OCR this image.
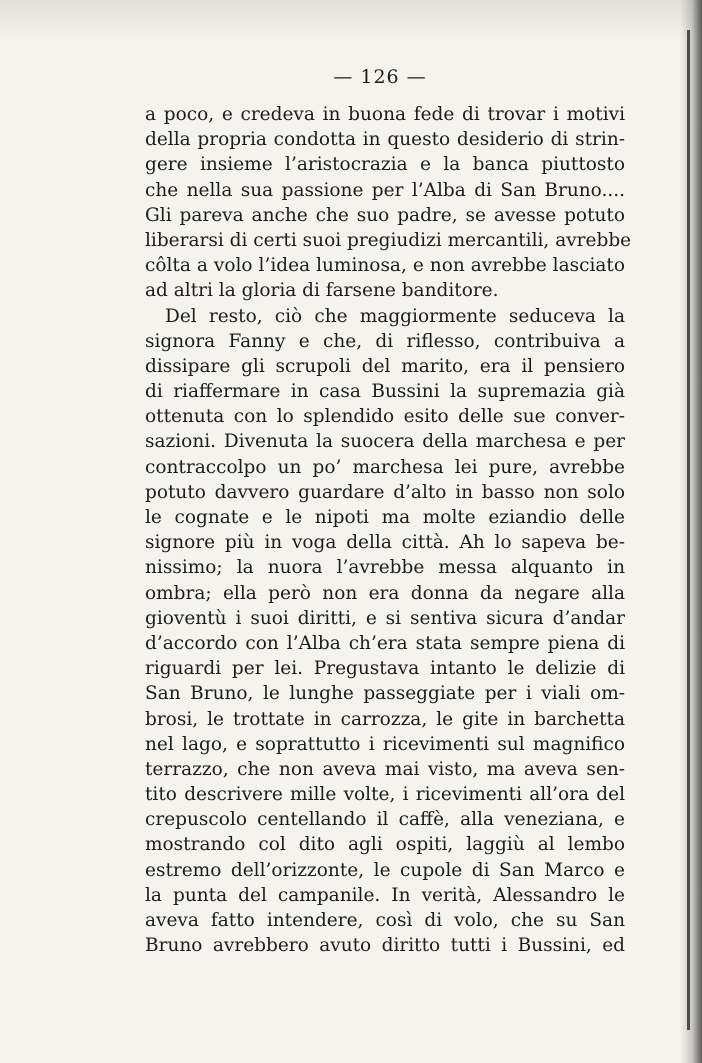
— 126 —
a poco, e credeva in buona fede di trovar i motivi
della propria condotta in questo desiderio di strin-
gere insieme l’aristocrazia e la banca piuttosto
che nella sua passione per l’Alba di San Bruno....
Gli pareva anche che suo padre, se avesse potuto
liberarsi di certi suoi pregiudizi mercantili, avrebbe
côlta a volo l’idea luminosa, e non avrebbe lasciato
ad altri la gloria di farsene banditore.
Del resto, ciò che maggiormente seduceva la
signora Fanny e che, di riflesso, contribuiva a
dissipare gli scrupoli del marito, era il pensiero
di riaffermare in casa Bussini la supremazia già
ottenuta con lo splendido esito delle sue conver-
sazioni. Divenuta la suocera della marchesa e per
contraccolpo un po’ marchesa lei pure, avrebbe
potuto davvero guardare d’alto in basso non solo
le cognate e le nipoti ma molte eziandio delle
signore più in voga della città. Ah lo sapeva be-
nissimo; la nuora l’avrebbe messa alquanto in
ombra; ella però non era donna da negare alla
gioventù i suoi diritti, e si sentiva sicura d’andar
d’accordo con l’Alba ch’era stata sempre piena di
riguardi per lei. Pregustava intanto le delizie di
San Bruno, le lunghe passeggiate per i viali om-
brosi, le trottate in carrozza, le gite in barchetta
nel lago, e soprattutto i ricevimenti sul magnifico
terrazzo, che non aveva mai visto, ma aveva sen-
tito descrivere mille volte, i ricevimenti all’ora del
crepuscolo centellando il caffè, alla veneziana, e
mostrando col dito agli ospiti, laggiù al lembo
estremo dell’orizzonte, le cupole di San Marco e
la punta del campanile. In verità, Alessandro le
aveva fatto intendere, così di volo, che su San
Bruno avrebbero avuto diritto tutti i Bussini, ed
